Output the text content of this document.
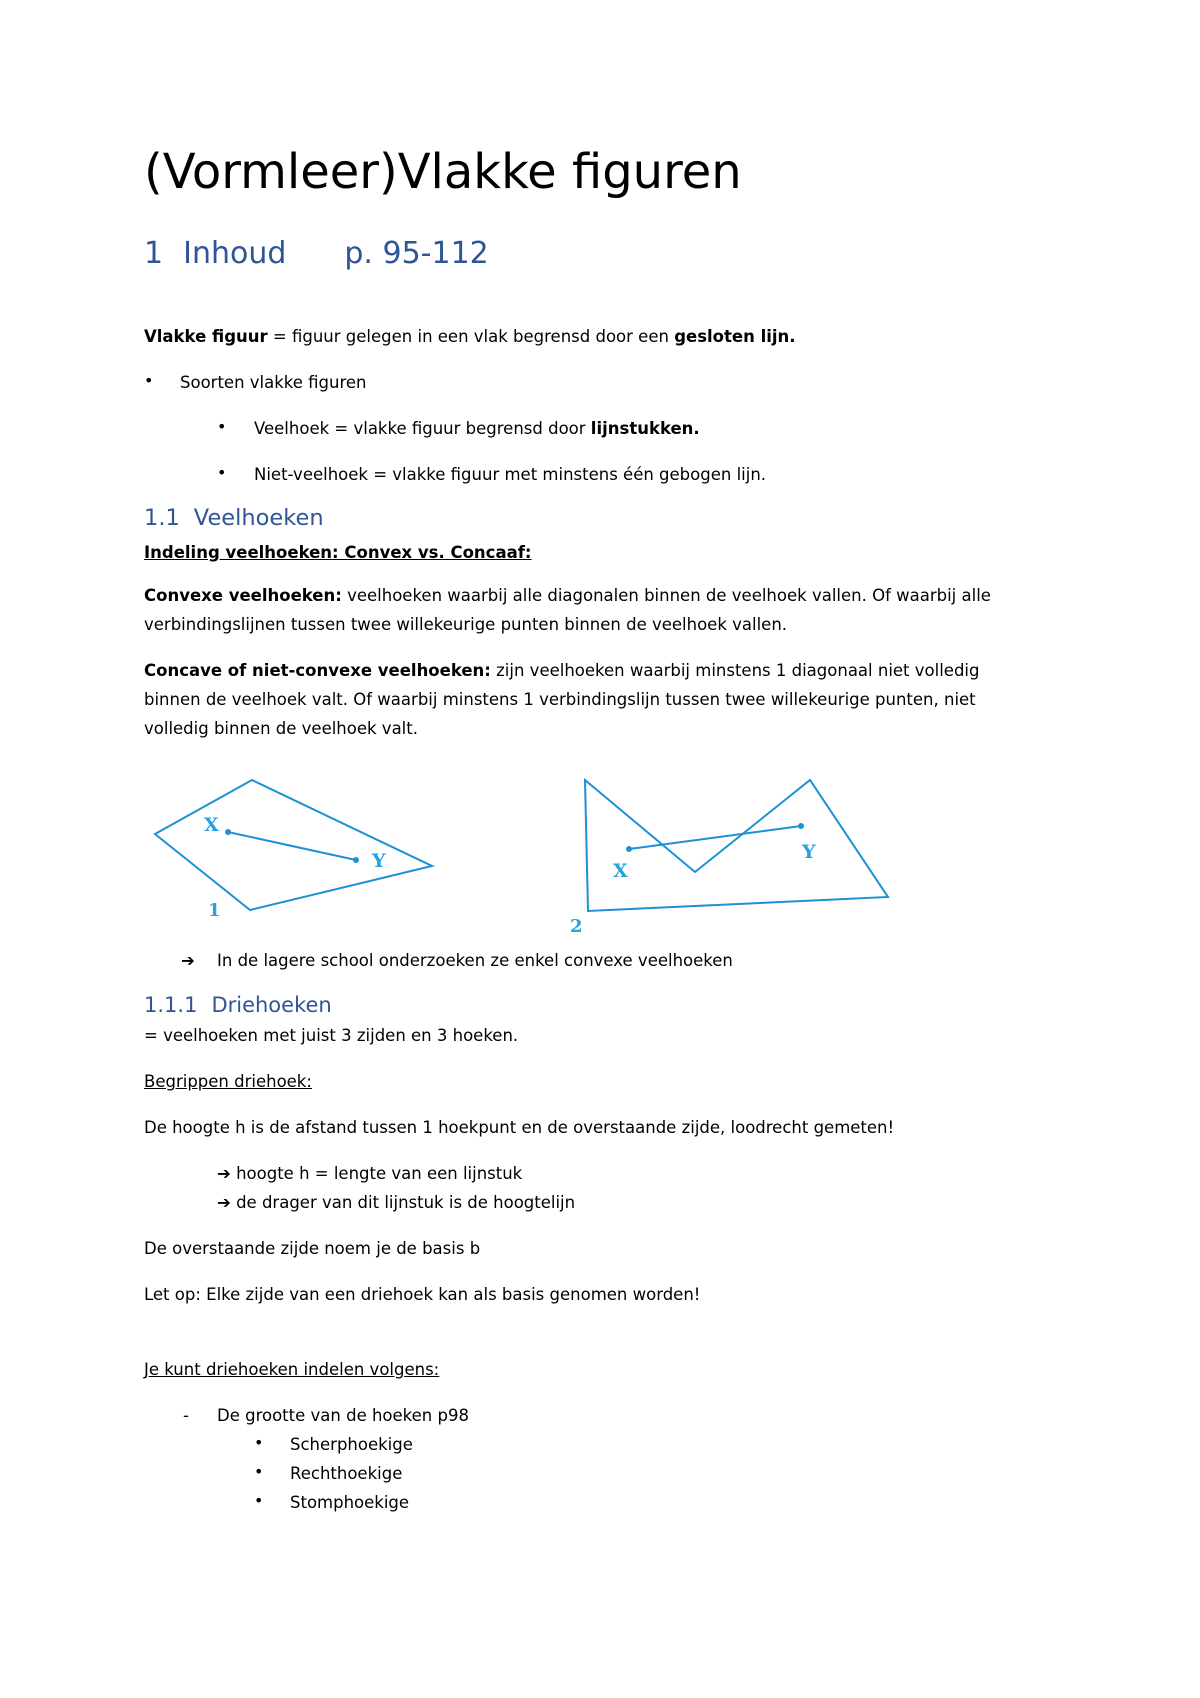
(Vormleer)Vlakke figuren
1 Inhoud p. 95-112

Vlakke figuur = figuur gelegen in een vlak begrensd door een gesloten lijn.

• Soorten vlakke figuren

• Veelhoek = vlakke figuur begrensd door lijnstukken.

• Niet-veelhoek = vlakke figuur met minstens één gebogen lijn.

1.1 Veelhoeken

Indeling veelhoeken: Convex vs. Concaaf:

Convexe veelhoeken: veelhoeken waarbij alle diagonalen binnen de veelhoek vallen. Of waarbij alle

verbindingslijnen tussen twee willekeurige punten binnen de veelhoek vallen.

Concave of niet-convexe veelhoeken: zijn veelhoeken waarbij minstens 1 diagonaal niet volledig

binnen de veelhoek valt. Of waarbij minstens 1 verbindingslijn tussen twee willekeurige punten, niet

volledig binnen de veelhoek valt.

X
Y
1
X
Y
2
➔ In de lagere school onderzoeken ze enkel convexe veelhoeken

1.1.1 Driehoeken

= veelhoeken met juist 3 zijden en 3 hoeken.

Begrippen driehoek:

De hoogte h is de afstand tussen 1 hoekpunt en de overstaande zijde, loodrecht gemeten!

➔ hoogte h = lengte van een lijnstuk

➔ de drager van dit lijnstuk is de hoogtelijn

De overstaande zijde noem je de basis b

Let op: Elke zijde van een driehoek kan als basis genomen worden!

Je kunt driehoeken indelen volgens:

- De grootte van de hoeken p98

• Scherphoekige

• Rechthoekige

• Stomphoekige
